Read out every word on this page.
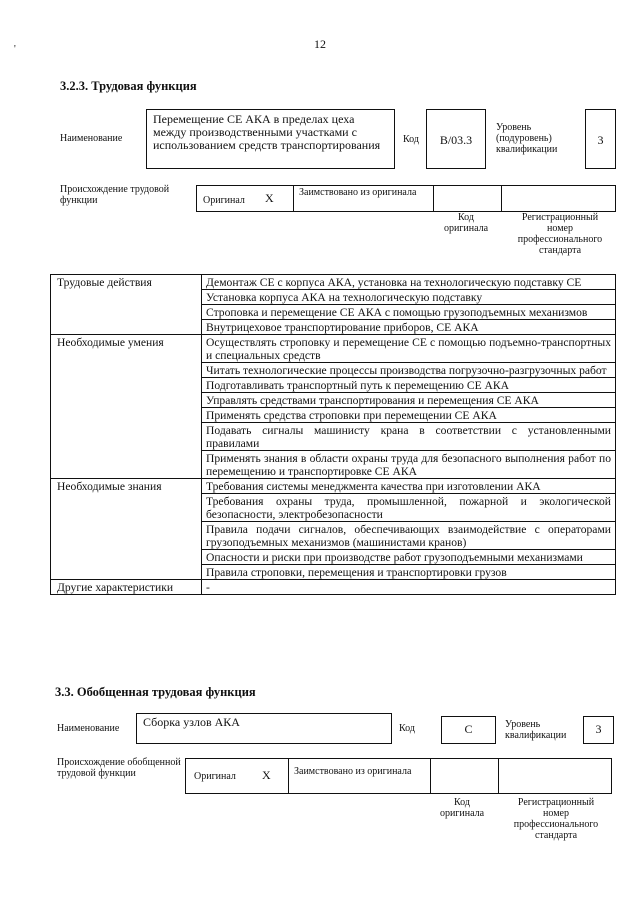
12
'
3.2.3. Трудовая функция
Наименование
Перемещение СЕ АКА в пределах цеха между производственными участками с использованием средств транспортирования	Код	В/03.3
Уровень (подуровень) квалификации
3
Происхождение трудовой функции	Оригинал X	Заимствовано из оригинала
Код оригинала
Регистрационный номер профессионального стандарта
Трудовые действия	Демонтаж СЕ с корпуса АКА, установка на технологическую подставку СЕ
	Установка корпуса АКА на технологическую подставку
	Строповка и перемещение СЕ АКА с помощью грузоподъемных механизмов
	Внутрицеховое транспортирование приборов, СЕ АКА
Необходимые умения	Осуществлять строповку и перемещение СЕ с помощью подъемно-транспортных и специальных средств
	Читать технологические процессы производства погрузочно-разгрузочных работ
	Подготавливать транспортный путь к перемещению СЕ АКА
	Управлять средствами транспортирования и перемещения СЕ АКА
	Применять средства строповки при перемещении СЕ АКА
	Подавать сигналы машинисту крана в соответствии с установленными правилами
	Применять знания в области охраны труда для безопасного выполнения работ по перемещению и транспортировке СЕ АКА
Необходимые знания	Требования системы менеджмента качества при изготовлении АКА
	Требования охраны труда, промышленной, пожарной и экологической безопасности, электробезопасности
	Правила подачи сигналов, обеспечивающих взаимодействие с операторами грузоподъемных механизмов (машинистами кранов)
	Опасности и риски при производстве работ грузоподъемными механизмами
	Правила строповки, перемещения и транспортировки грузов
Другие характеристики	-
3.3. Обобщенная трудовая функция
Наименование	Сборка узлов АКА	Код	С	Уровень квалификации	3
Происхождение обобщенной трудовой функции	Оригинал X Заимствовано из оригинала
Код оригинала
Регистрационный номер профессионального стандарта
